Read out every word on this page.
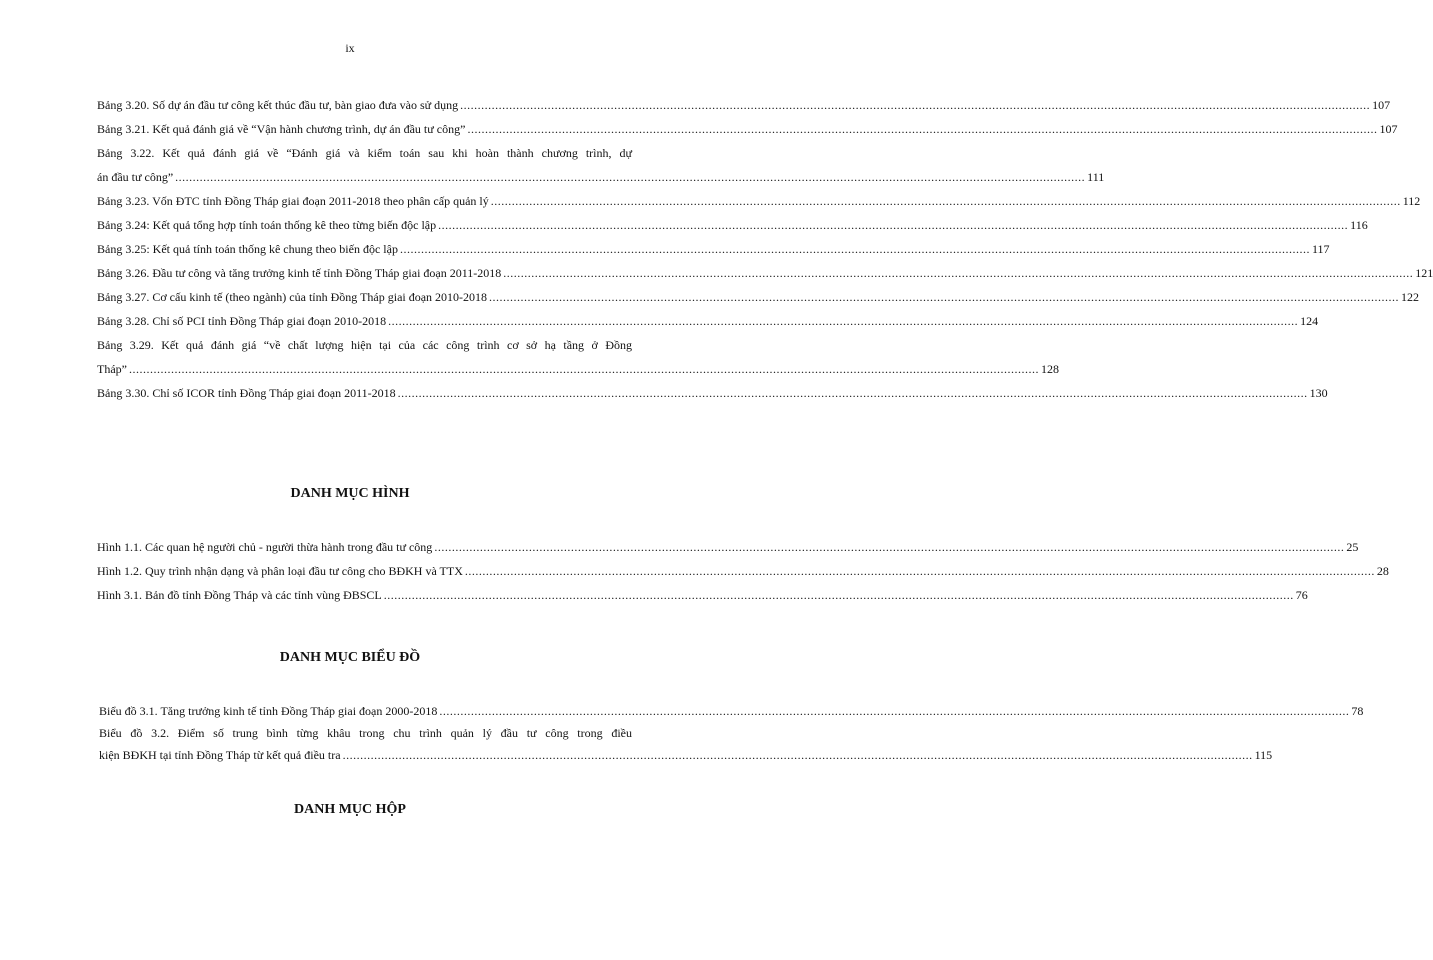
ix
Bảng 3.20. Số dự án đầu tư công kết thúc đầu tư, bàn giao đưa vào sử dụng .....	107
Bảng 3.21. Kết quả đánh giá về “Vận hành chương trình, dự án đầu tư công” .....	107
Bảng 3.22. Kết quả đánh giá về “Đánh giá và kiểm toán sau khi hoàn thành chương trình, dự
án đầu tư công” .....	111
Bảng 3.23. Vốn ĐTC tỉnh Đồng Tháp giai đoạn 2011-2018 theo phân cấp quản lý .....	112
Bảng 3.24: Kết quả tổng hợp tính toán thống kê theo từng biến độc lập .....	116
Bảng 3.25: Kết quả tính toán thống kê chung theo biến độc lập .....	117
Bảng 3.26. Đầu tư công và tăng trưởng kinh tế tỉnh Đồng Tháp giai đoạn 2011-2018 .....	121
Bảng 3.27. Cơ cấu kinh tế (theo ngành) của tỉnh Đồng Tháp giai đoạn 2010-2018 .....	122
Bảng 3.28. Chỉ số PCI tỉnh Đồng Tháp giai đoạn 2010-2018 .....	124
Bảng 3.29. Kết quả đánh giá “về chất lượng hiện tại của các công trình cơ sở hạ tầng ở Đồng
Tháp” .....	128
Bảng 3.30. Chỉ số ICOR tỉnh Đồng Tháp giai đoạn 2011-2018 .....	130
DANH MỤC HÌNH
Hình 1.1. Các quan hệ người chủ - người thừa hành trong đầu tư công .....	25
Hình 1.2. Quy trình nhận dạng và phân loại đầu tư công cho BĐKH và TTX .....	28
Hình 3.1. Bản đồ tỉnh Đồng Tháp và các tỉnh vùng ĐBSCL .....	76
DANH MỤC BIỂU ĐỒ
Biểu đồ 3.1. Tăng trưởng kinh tế tỉnh Đồng Tháp giai đoạn 2000-2018 .....	78
Biểu đồ 3.2. Điểm số trung bình từng khâu trong chu trình quản lý đầu tư công trong điều
kiện BĐKH tại tỉnh Đồng Tháp từ kết quả điều tra .....	115
DANH MỤC HỘP
